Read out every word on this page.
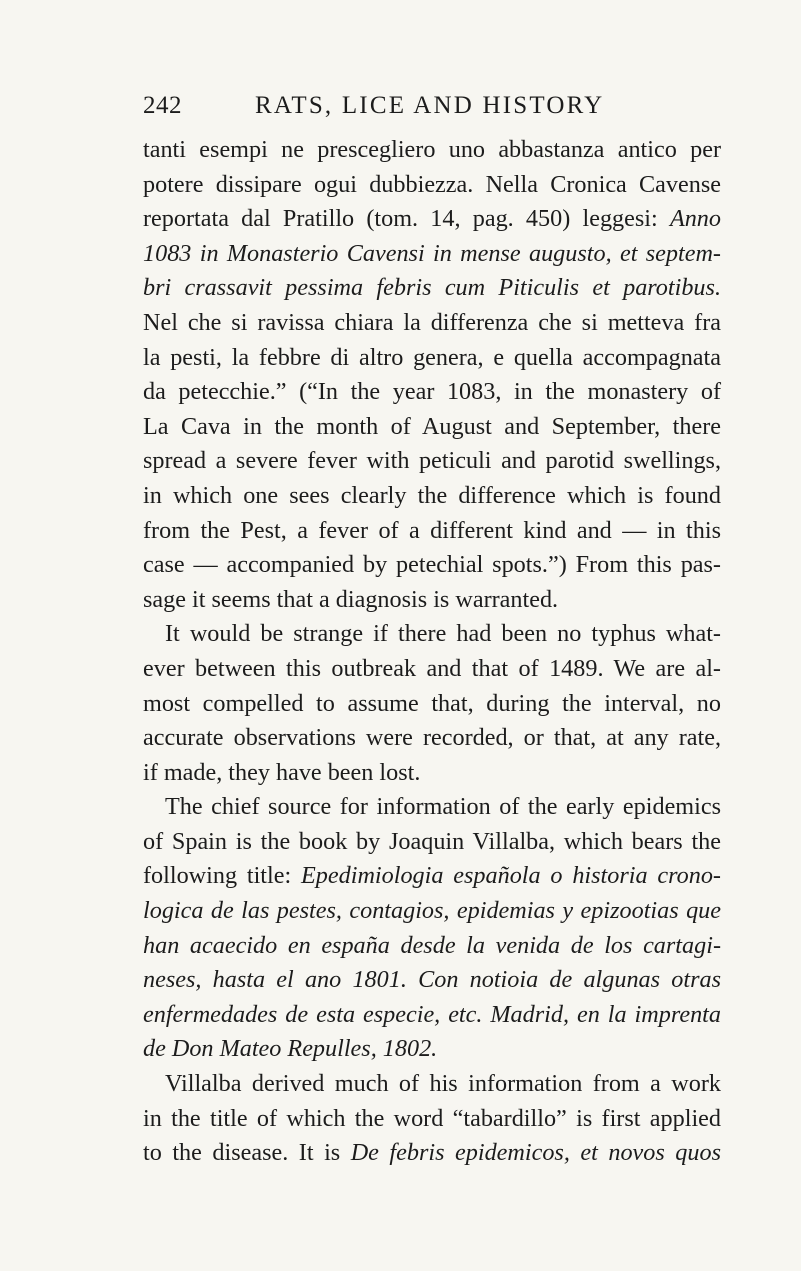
242	RATS, LICE AND HISTORY
tanti esempi ne prescegliero uno abbastanza antico per
potere dissipare ogui dubbiezza. Nella Cronica Cavense
reportata dal Pratillo (tom. 14, pag. 450) leggesi: Anno
1083 in Monasterio Cavensi in mense augusto, et septem-
bri crassavit pessima febris cum Piticulis et parotibus.
Nel che si ravissa chiara la differenza che si metteva fra
la pesti, la febbre di altro genera, e quella accompagnata
da petecchie.” (“In the year 1083, in the monastery of
La Cava in the month of August and September, there
spread a severe fever with peticuli and parotid swellings,
in which one sees clearly the difference which is found
from the Pest, a fever of a different kind and — in this
case — accompanied by petechial spots.”) From this pas-
sage it seems that a diagnosis is warranted.
It would be strange if there had been no typhus what-
ever between this outbreak and that of 1489. We are al-
most compelled to assume that, during the interval, no
accurate observations were recorded, or that, at any rate,
if made, they have been lost.
The chief source for information of the early epidemics
of Spain is the book by Joaquin Villalba, which bears the
following title: Epedimiologia española o historia crono-
logica de las pestes, contagios, epidemias y epizootias que
han acaecido en españa desde la venida de los cartagi-
neses, hasta el ano 1801. Con notioia de algunas otras
enfermedades de esta especie, etc. Madrid, en la imprenta
de Don Mateo Repulles, 1802.
Villalba derived much of his information from a work
in the title of which the word “tabardillo” is first applied
to the disease. It is De febris epidemicos, et novos quos
